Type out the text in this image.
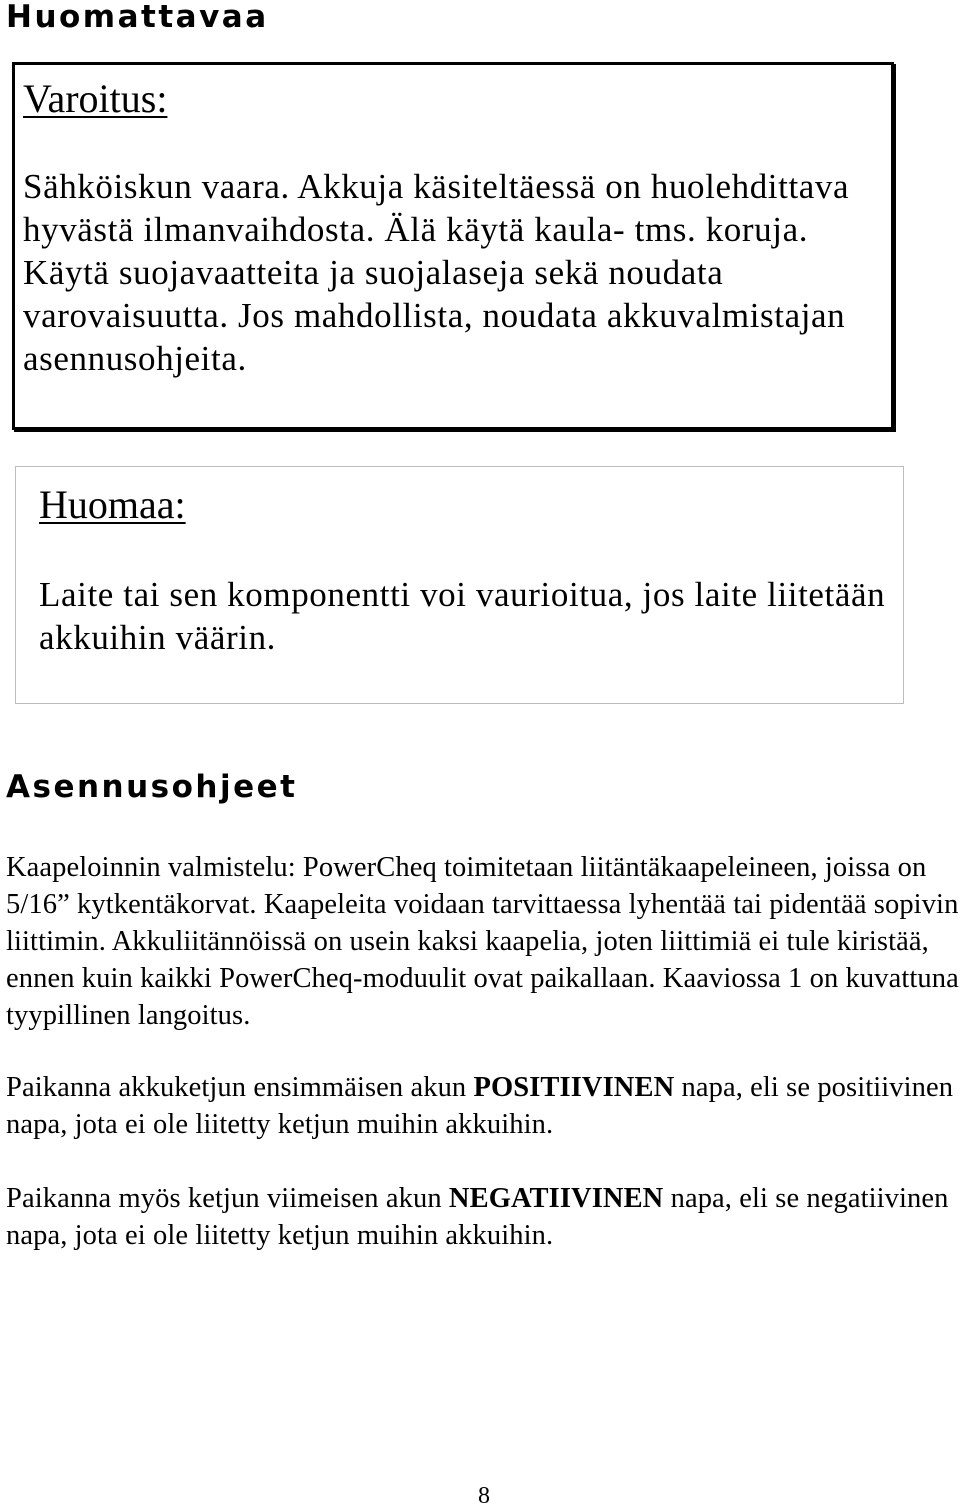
Huomattavaa
Varoitus:

Sähköiskun vaara. Akkuja käsiteltäessä on huolehdittava hyvästä ilmanvaihdosta. Älä käytä kaula- tms. koruja. Käytä suojavaatteita ja suojalaseja sekä noudata varovaisuutta. Jos mahdollista, noudata akkuvalmistajan asennusohjeita.

Huomaa:

Laite tai sen komponentti voi vaurioitua, jos laite liitetään akkuihin väärin.

Asennusohjeet

Kaapeloinnin valmistelu: PowerCheq toimitetaan liitäntäkaapeleineen, joissa on 5/16” kytkentäkorvat. Kaapeleita voidaan tarvittaessa lyhentää tai pidentää sopivin liittimin. Akkuliitännöissä on usein kaksi kaapelia, joten liittimiä ei tule kiristää, ennen kuin kaikki PowerCheq-moduulit ovat paikallaan. Kaaviossa 1 on kuvattuna tyypillinen langoitus.

Paikanna akkuketjun ensimmäisen akun POSITIIVINEN napa, eli se positiivinen napa, jota ei ole liitetty ketjun muihin akkuihin.

Paikanna myös ketjun viimeisen akun NEGATIIVINEN napa, eli se negatiivinen napa, jota ei ole liitetty ketjun muihin akkuihin.

8
